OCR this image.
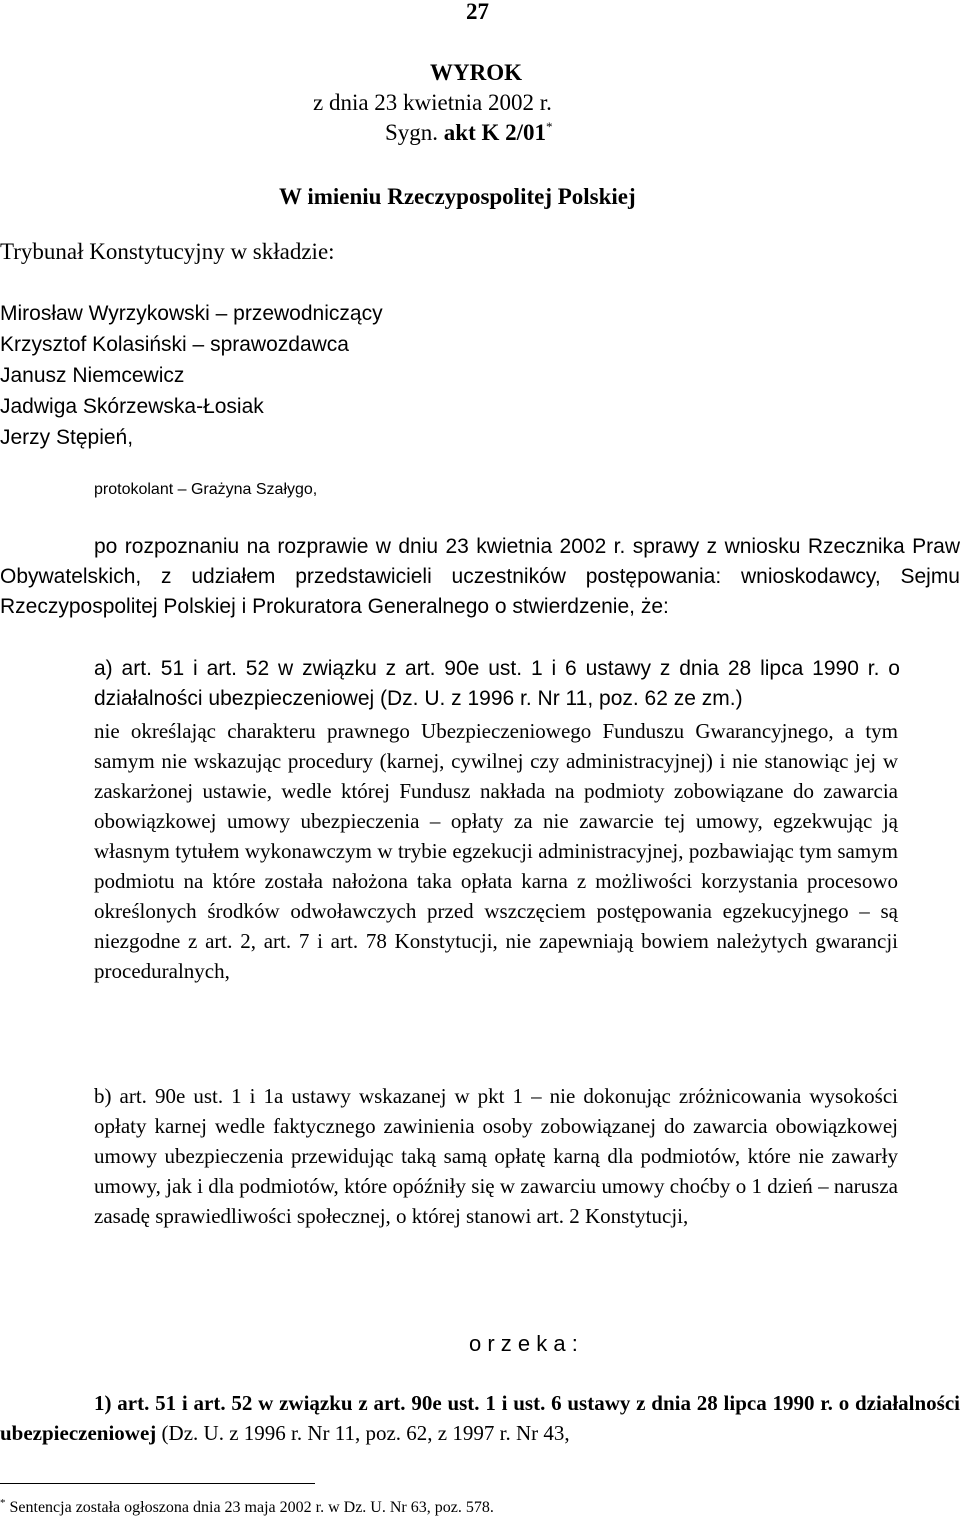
27
WYROK
z dnia 23 kwietnia 2002 r.
Sygn. akt K 2/01*
W imieniu Rzeczypospolitej Polskiej
Trybunał Konstytucyjny w składzie:
Mirosław Wyrzykowski – przewodniczący
Krzysztof Kolasiński – sprawozdawca
Janusz Niemcewicz
Jadwiga Skórzewska-Łosiak
Jerzy Stępień,
protokolant – Grażyna Szałygo,

po rozpoznaniu na rozprawie w dniu 23 kwietnia 2002 r. sprawy z wniosku Rzecznika Praw Obywatelskich, z udziałem przedstawicieli uczestników postępowania: wnioskodawcy, Sejmu Rzeczypospolitej Polskiej i Prokuratora Generalnego o stwierdzenie, że:

a) art. 51 i art. 52 w związku z art. 90e ust. 1 i 6 ustawy z dnia 28 lipca 1990 r. o działalności ubezpieczeniowej (Dz. U. z 1996 r. Nr 11, poz. 62 ze zm.)

nie określając charakteru prawnego Ubezpieczeniowego Funduszu Gwarancyjnego, a tym samym nie wskazując procedury (karnej, cywilnej czy administracyjnej) i nie stanowiąc jej w zaskarżonej ustawie, wedle której Fundusz nakłada na podmioty zobowiązane do zawarcia obowiązkowej umowy ubezpieczenia – opłaty za nie zawarcie tej umowy, egzekwując ją własnym tytułem wykonawczym w trybie egzekucji administracyjnej, pozbawiając tym samym podmiotu na które została nałożona taka opłata karna z możliwości korzystania procesowo określonych środków odwoławczych przed wszczęciem postępowania egzekucyjnego – są niezgodne z art. 2, art. 7 i art. 78 Konstytucji, nie zapewniają bowiem należytych gwarancji proceduralnych,

b) art. 90e ust. 1 i 1a ustawy wskazanej w pkt 1 – nie dokonując zróżnicowania wysokości opłaty karnej wedle faktycznego zawinienia osoby zobowiązanej do zawarcia obowiązkowej umowy ubezpieczenia przewidując taką samą opłatę karną dla podmiotów, które nie zawarły umowy, jak i dla podmiotów, które opóźniły się w zawarciu umowy choćby o 1 dzień – narusza zasadę sprawiedliwości społecznej, o której stanowi art. 2 Konstytucji,

o r z e k a :

1) art. 51 i art. 52 w związku z art. 90e ust. 1 i ust. 6 ustawy z dnia 28 lipca 1990 r. o działalności ubezpieczeniowej (Dz. U. z 1996 r. Nr 11, poz. 62, z 1997 r. Nr 43,

* Sentencja została ogłoszona dnia 23 maja 2002 r. w Dz. U. Nr 63, poz. 578.
